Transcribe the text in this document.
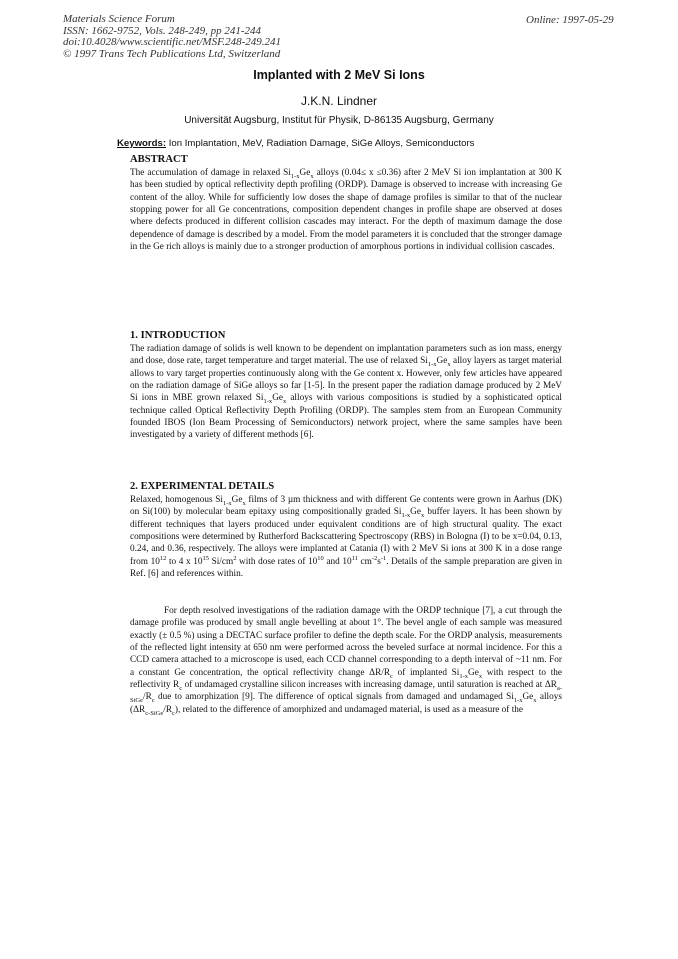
Materials Science Forum
ISSN: 1662-9752, Vols. 248-249, pp 241-244
doi:10.4028/www.scientific.net/MSF.248-249.241
© 1997 Trans Tech Publications Ltd, Switzerland
Online: 1997-05-29
Implanted with 2 MeV Si Ions
J.K.N. Lindner
Universität Augsburg, Institut für Physik, D-86135 Augsburg, Germany
Keywords: Ion Implantation, MeV, Radiation Damage, SiGe Alloys, Semiconductors
ABSTRACT

The accumulation of damage in relaxed $Si_{1-x}Ge_x$ alloys (0.04≤ x ≤0.36) after 2 MeV Si ion implantation at 300 K has been studied by optical reflectivity depth profiling (ORDP). Damage is observed to increase with increasing Ge content of the alloy. While for sufficiently low doses the shape of damage profiles is similar to that of the nuclear stopping power for all Ge concentrations, composition dependent changes in profile shape are observed at doses where defects produced in different collision cascades may interact. For the depth of maximum damage the dose dependence of damage is described by a model. From the model parameters it is concluded that the stronger damage in the Ge rich alloys is mainly due to a stronger production of amorphous portions in individual collision cascades.

1. INTRODUCTION

The radiation damage of solids is well known to be dependent on implantation parameters such as ion mass, energy and dose, dose rate, target temperature and target material. The use of relaxed $Si_{1-x}Ge_x$ alloy layers as target material allows to vary target properties continuously along with the Ge content x. However, only few articles have appeared on the radiation damage of SiGe alloys so far [1-5]. In the present paper the radiation damage produced by 2 MeV Si ions in MBE grown relaxed $Si_{1-x}Ge_x$ alloys with various compositions is studied by a sophisticated optical technique called Optical Reflectivity Depth Profiling (ORDP). The samples stem from an European Community founded IBOS (Ion Beam Processing of Semiconductors) network project, where the same samples have been investigated by a variety of different methods [6].

2. EXPERIMENTAL DETAILS

Relaxed, homogenous $Si_{1-x}Ge_x$ films of 3 µm thickness and with different Ge contents were grown in Aarhus (DK) on Si(100) by molecular beam epitaxy using compositionally graded $Si_{1-x}Ge_x$ buffer layers. It has been shown by different techniques that layers produced under equivalent conditions are of high structural quality. The exact compositions were determined by Rutherford Backscattering Spectroscopy (RBS) in Bologna (I) to be x=0.04, 0.13, 0.24, and 0.36, respectively. The alloys were implanted at Catania (I) with 2 MeV Si ions at 300 K in a dose range from $10^{12}$ to 4 x $10^{15}$ $Si/cm^2$ with dose rates of $10^{10}$ and $10^{11}$ $cm^{-2}s^{-1}$. Details of the sample preparation are given in Ref. [6] and references within.

For depth resolved investigations of the radiation damage with the ORDP technique [7], a cut through the damage profile was produced by small angle bevelling at about 1°. The bevel angle of each sample was measured exactly (± 0.5 %) using a DECTAC surface profiler to define the depth scale. For the ORDP analysis, measurements of the reflected light intensity at 650 nm were performed across the beveled surface at normal incidence. For this a CCD camera attached to a microscope is used, each CCD channel corresponding to a depth interval of ~11 nm. For a constant Ge concentration, the optical reflectivity change $\Delta R/R_c$ of implanted $Si_{1-x}Ge_x$ with respect to the reflectivity $R_c$ of undamaged crystalline silicon increases with increasing damage, until saturation is reached at $\Delta R_{a-SiGe}/R_c$ due to amorphization [9]. The difference of optical signals from damaged and undamaged $Si_{1-x}Ge_x$ alloys $(\Delta R_{c-SiGe}/R_c)$, related to the difference of amorphized and undamaged material, is used as a measure of the
